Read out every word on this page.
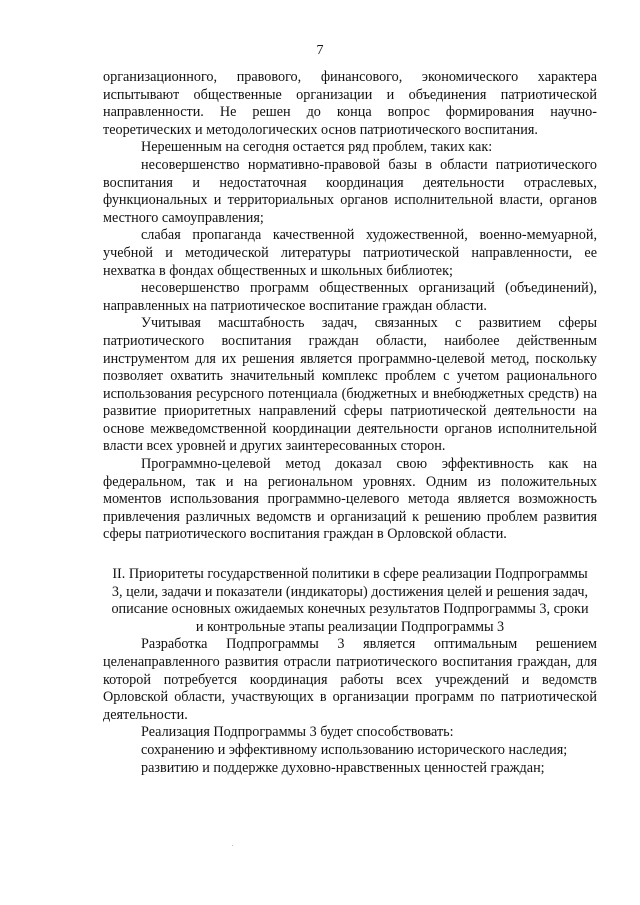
7

организационного, правового, финансового, экономического характера испытывают общественные организации и объединения патриотической направленности. Не решен до конца вопрос формирования научно-теоретических и методологических основ патриотического воспитания.

Нерешенным на сегодня остается ряд проблем, таких как:

несовершенство нормативно-правовой базы в области патриотического воспитания и недостаточная координация деятельности отраслевых, функциональных и территориальных органов исполнительной власти, органов местного самоуправления;

слабая пропаганда качественной художественной, военно-мемуарной, учебной и методической литературы патриотической направленности, ее нехватка в фондах общественных и школьных библиотек;

несовершенство программ общественных организаций (объединений), направленных на патриотическое воспитание граждан области.

Учитывая масштабность задач, связанных с развитием сферы патриотического воспитания граждан области, наиболее действенным инструментом для их решения является программно-целевой метод, поскольку позволяет охватить значительный комплекс проблем с учетом рационального использования ресурсного потенциала (бюджетных и внебюджетных средств) на развитие приоритетных направлений сферы патриотической деятельности на основе межведомственной координации деятельности органов исполнительной власти всех уровней и других заинтересованных сторон.

Программно-целевой метод доказал свою эффективность как на федеральном, так и на региональном уровнях. Одним из положительных моментов использования программно-целевого метода является возможность привлечения различных ведомств и организаций к решению проблем развития сферы патриотического воспитания граждан в Орловской области.

II. Приоритеты государственной политики в сфере реализации Подпрограммы 3, цели, задачи и показатели (индикаторы) достижения целей и решения задач, описание основных ожидаемых конечных результатов Подпрограммы 3, сроки и контрольные этапы реализации Подпрограммы 3

Разработка Подпрограммы 3 является оптимальным решением целенаправленного развития отрасли патриотического воспитания граждан, для которой потребуется координация работы всех учреждений и ведомств Орловской области, участвующих в организации программ по патриотической деятельности.

Реализация Подпрограммы 3 будет способствовать:

сохранению и эффективному использованию исторического наследия;

развитию и поддержке духовно-нравственных ценностей граждан;
